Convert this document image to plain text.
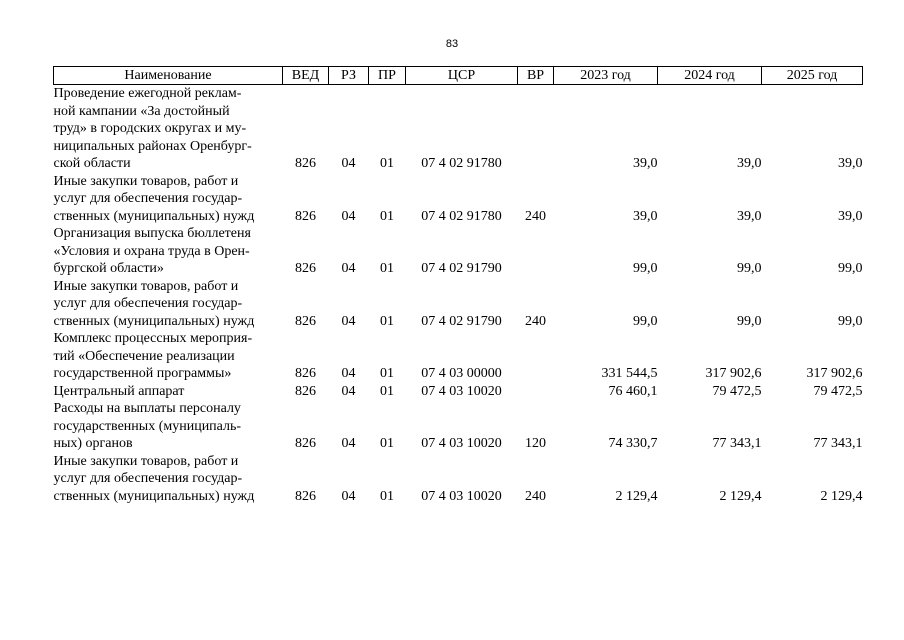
83
Наименование	ВЕД	РЗ	ПР	ЦСР	ВР	2023 год	2024 год	2025 год

Проведение ежегодной реклам-
ной кампании «За достойный
труд» в городских округах и му-
ниципальных районах Оренбург-
ской области	826	04	01	07 4 02 91780		39,0	39,0	39,0

Иные закупки товаров, работ и
услуг для обеспечения государ-
ственных (муниципальных) нужд	826	04	01	07 4 02 91780	240	39,0	39,0	39,0

Организация выпуска бюллетеня
«Условия и охрана труда в Орен-
бургской области»	826	04	01	07 4 02 91790		99,0	99,0	99,0

Иные закупки товаров, работ и
услуг для обеспечения государ-
ственных (муниципальных) нужд	826	04	01	07 4 02 91790	240	99,0	99,0	99,0

Комплекс процессных мероприя-
тий «Обеспечение реализации
государственной программы»	826	04	01	07 4 03 00000		331 544,5	317 902,6	317 902,6

Центральный аппарат	826	04	01	07 4 03 10020		76 460,1	79 472,5	79 472,5

Расходы на выплаты персоналу
государственных (муниципаль-
ных) органов	826	04	01	07 4 03 10020	120	74 330,7	77 343,1	77 343,1

Иные закупки товаров, работ и
услуг для обеспечения государ-
ственных (муниципальных) нужд	826	04	01	07 4 03 10020	240	2 129,4	2 129,4	2 129,4
